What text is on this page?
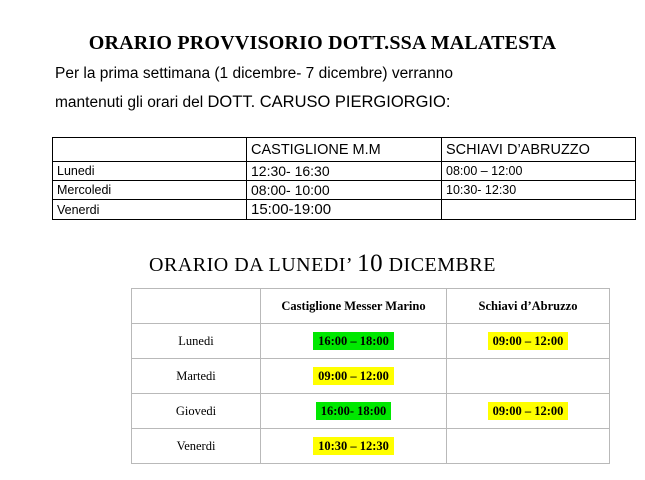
ORARIO PROVVISORIO DOTT.SSA MALATESTA
Per la prima settimana (1 dicembre- 7 dicembre) verranno
mantenuti gli orari del DOTT. CARUSO PIERGIORGIO:
	CASTIGLIONE M.M	SCHIAVI D’ABRUZZO
Lunedi	12:30- 16:30	08:00 – 12:00
Mercoledi	08:00- 10:00	10:30- 12:30
Venerdi	15:00-19:00	
ORARIO DA LUNEDI’ 10 DICEMBRE
	Castiglione Messer Marino	Schiavi d’Abruzzo
Lunedi	16:00 – 18:00	09:00 – 12:00
Martedi	09:00 – 12:00	
Giovedi	16:00- 18:00	09:00 – 12:00
Venerdi	10:30 – 12:30	
